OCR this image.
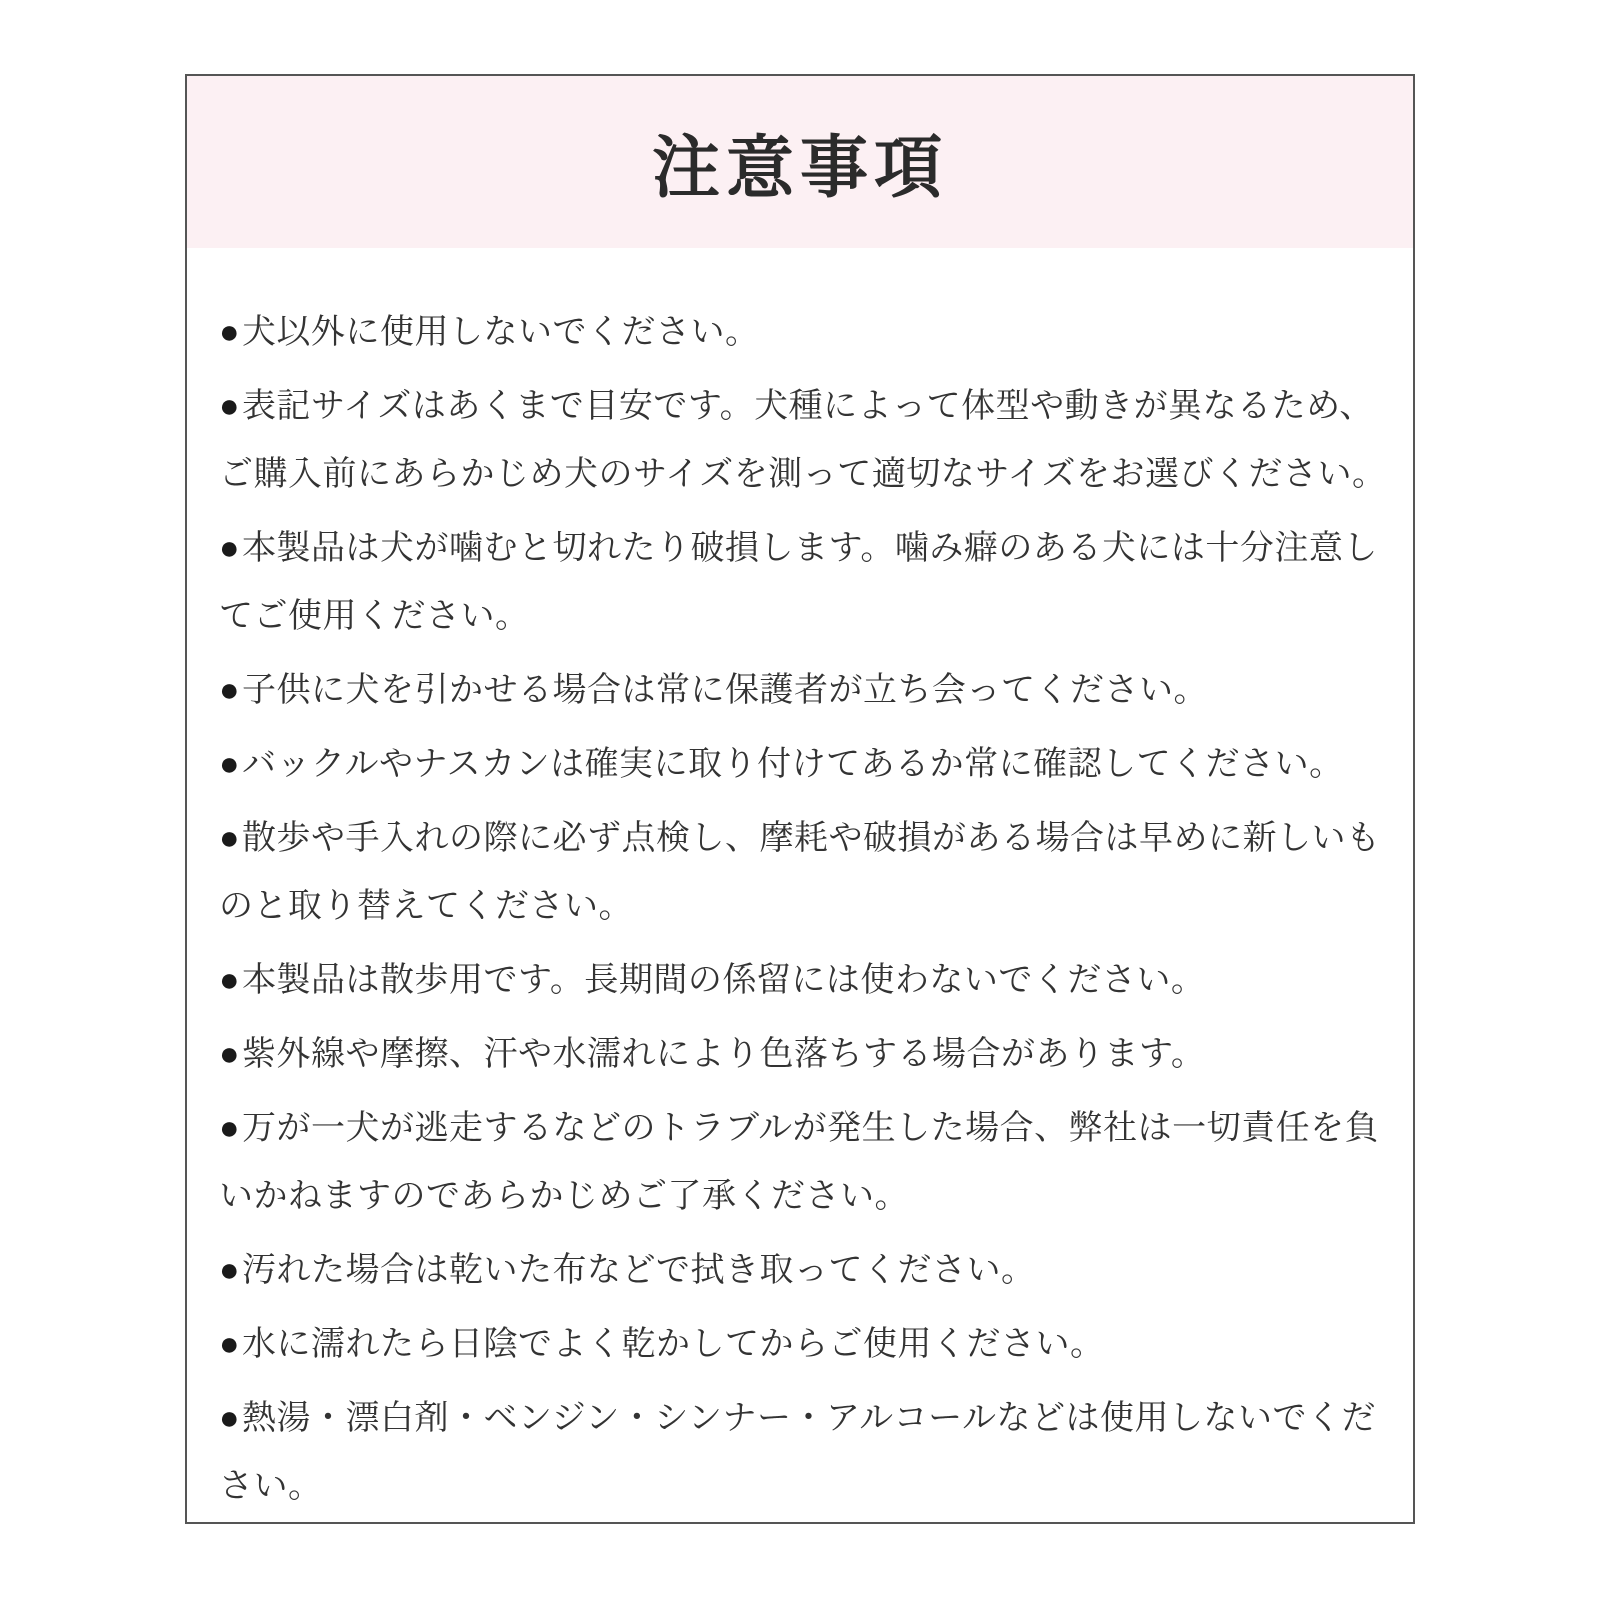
注意事項

●犬以外に使用しないでください。

●表記サイズはあくまで目安です。犬種によって体型や動きが異なるため、ご購入前にあらかじめ犬のサイズを測って適切なサイズをお選びください。

●本製品は犬が噛むと切れたり破損します。噛み癖のある犬には十分注意してご使用ください。

●子供に犬を引かせる場合は常に保護者が立ち会ってください。

●バックルやナスカンは確実に取り付けてあるか常に確認してください。

●散歩や手入れの際に必ず点検し、摩耗や破損がある場合は早めに新しいものと取り替えてください。

●本製品は散歩用です。長期間の係留には使わないでください。

●紫外線や摩擦、汗や水濡れにより色落ちする場合があります。

●万が一犬が逃走するなどのトラブルが発生した場合、弊社は一切責任を負いかねますのであらかじめご了承ください。

●汚れた場合は乾いた布などで拭き取ってください。

●水に濡れたら日陰でよく乾かしてからご使用ください。

●熱湯・漂白剤・ベンジン・シンナー・アルコールなどは使用しないでください。
